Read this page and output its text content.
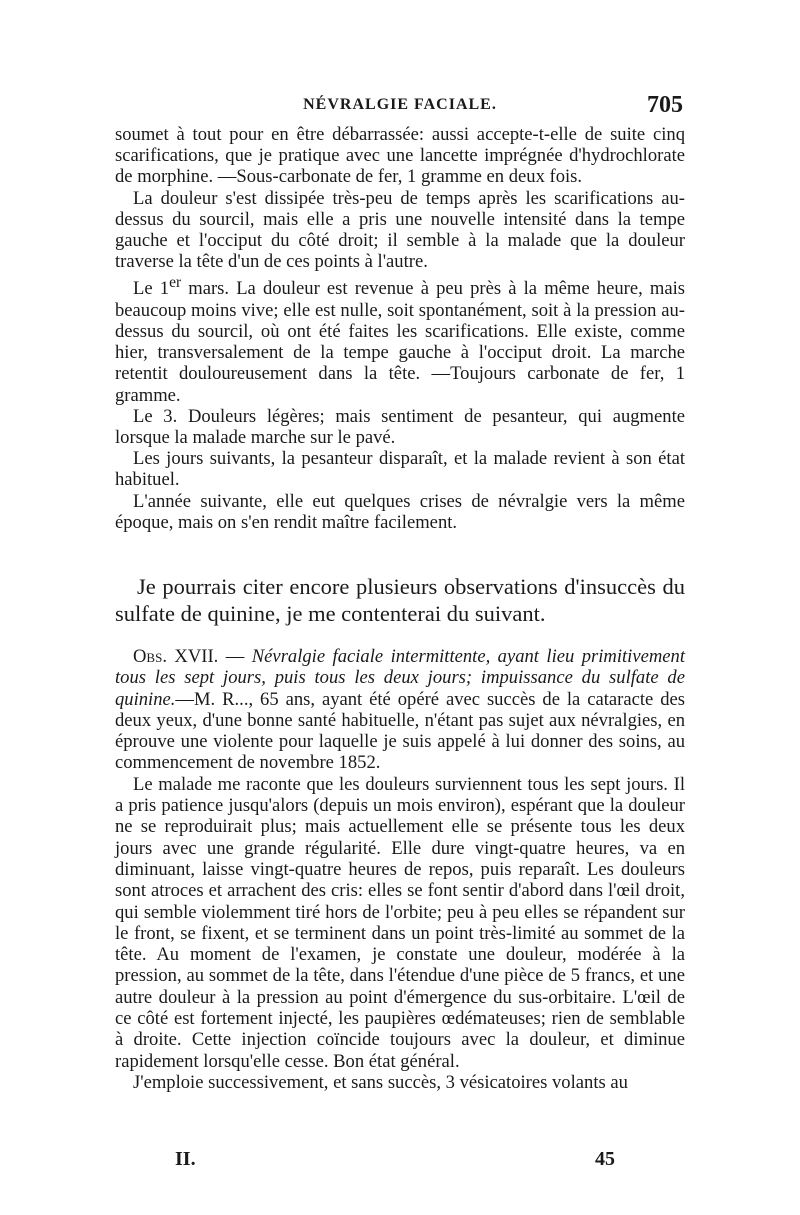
NÉVRALGIE FACIALE.	705

soumet à tout pour en être débarrassée: aussi accepte-t-elle de suite cinq scarifications, que je pratique avec une lancette imprégnée d'hydrochlorate de morphine. —Sous-carbonate de fer, 1 gramme en deux fois.

La douleur s'est dissipée très-peu de temps après les scarifications au-dessus du sourcil, mais elle a pris une nouvelle intensité dans la tempe gauche et l'occiput du côté droit; il semble à la malade que la douleur traverse la tête d'un de ces points à l'autre.

Le 1er mars. La douleur est revenue à peu près à la même heure, mais beaucoup moins vive; elle est nulle, soit spontanément, soit à la pression au-dessus du sourcil, où ont été faites les scarifications. Elle existe, comme hier, transversalement de la tempe gauche à l'occiput droit. La marche retentit douloureusement dans la tête. —Toujours carbonate de fer, 1 gramme.

Le 3. Douleurs légères; mais sentiment de pesanteur, qui augmente lorsque la malade marche sur le pavé.

Les jours suivants, la pesanteur disparaît, et la malade revient à son état habituel.

L'année suivante, elle eut quelques crises de névralgie vers la même époque, mais on s'en rendit maître facilement.

Je pourrais citer encore plusieurs observations d'insuccès du sulfate de quinine, je me contenterai du suivant.

Obs. XVII. — Névralgie faciale intermittente, ayant lieu primitivement tous les sept jours, puis tous les deux jours; impuissance du sulfate de quinine.—M. R..., 65 ans, ayant été opéré avec succès de la cataracte des deux yeux, d'une bonne santé habituelle, n'étant pas sujet aux névralgies, en éprouve une violente pour laquelle je suis appelé à lui donner des soins, au commencement de novembre 1852.

Le malade me raconte que les douleurs surviennent tous les sept jours. Il a pris patience jusqu'alors (depuis un mois environ), espérant que la douleur ne se reproduirait plus; mais actuellement elle se présente tous les deux jours avec une grande régularité. Elle dure vingt-quatre heures, va en diminuant, laisse vingt-quatre heures de repos, puis reparaît. Les douleurs sont atroces et arrachent des cris: elles se font sentir d'abord dans l'œil droit, qui semble violemment tiré hors de l'orbite; peu à peu elles se répandent sur le front, se fixent, et se terminent dans un point très-limité au sommet de la tête. Au moment de l'examen, je constate une douleur, modérée à la pression, au sommet de la tête, dans l'étendue d'une pièce de 5 francs, et une autre douleur à la pression au point d'émergence du sus-orbitaire. L'œil de ce côté est fortement injecté, les paupières œdémateuses; rien de semblable à droite. Cette injection coïncide toujours avec la douleur, et diminue rapidement lorsqu'elle cesse. Bon état général.

J'emploie successivement, et sans succès, 3 vésicatoires volants au

II.	45
